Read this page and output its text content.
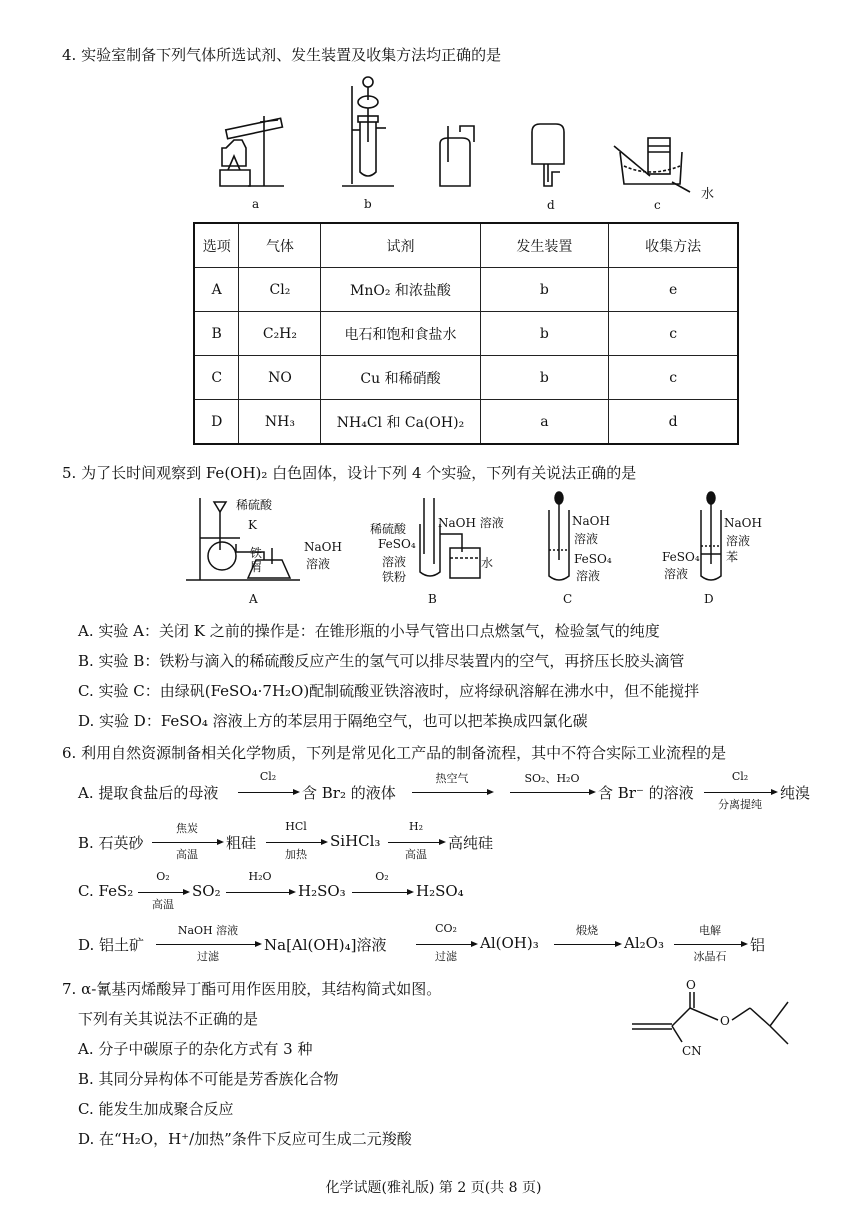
4. 实验室制备下列气体所选试剂、发生装置及收集方法均正确的是
a	b	d	c
水
选项	气体	试剂	发生装置	收集方法
A	Cl₂	MnO₂ 和浓盐酸	b	e
B	C₂H₂	电石和饱和食盐水	b	c
C	NO	Cu 和稀硝酸	b	c
D	NH₃	NH₄Cl 和 Ca(OH)₂	a	d
5. 为了长时间观察到 Fe(OH)₂ 白色固体，设计下列 4 个实验，下列有关说法正确的是
稀硫酸
K
铁
屑
NaOH
溶液
A
稀硫酸	NaOH 溶液
FeSO₄
溶液
铁粉
水
B
NaOH
溶液
FeSO₄
溶液
C
NaOH
溶液
苯
FeSO₄
溶液
D
A. 实验 A：关闭 K 之前的操作是：在锥形瓶的小导气管出口点燃氢气，检验氢气的纯度
B. 实验 B：铁粉与滴入的稀硫酸反应产生的氢气可以排尽装置内的空气，再挤压长胶头滴管
C. 实验 C：由绿矾(FeSO₄·7H₂O)配制硫酸亚铁溶液时，应将绿矾溶解在沸水中，但不能搅拌
D. 实验 D：FeSO₄ 溶液上方的苯层用于隔绝空气，也可以把苯换成四氯化碳
6. 利用自然资源制备相关化学物质，下列是常见化工产品的制备流程，其中不符合实际工业流程的是
A. 提取食盐后的母液
Cl₂
含 Br₂ 的液体
热空气	SO₂、H₂O
含 Br⁻ 的溶液
Cl₂
分离提纯
纯溴
B. 石英砂
焦炭
高温
粗硅
HCl
加热
SiHCl₃
H₂
高温
高纯硅
C. FeS₂
O₂
高温
SO₂
H₂O
H₂SO₃
O₂
H₂SO₄
D. 铝土矿
NaOH 溶液
过滤
Na[Al(OH)₄]溶液
CO₂
过滤
Al(OH)₃
煅烧
Al₂O₃
电解
冰晶石
铝
7. α-氰基丙烯酸异丁酯可用作医用胶，其结构简式如图。
下列有关其说法不正确的是
A. 分子中碳原子的杂化方式有 3 种
B. 其同分异构体不可能是芳香族化合物
C. 能发生加成聚合反应
D. 在“H₂O，H⁺/加热”条件下反应可生成二元羧酸
O
O
CN
化学试题(雅礼版) 第 2 页(共 8 页)
